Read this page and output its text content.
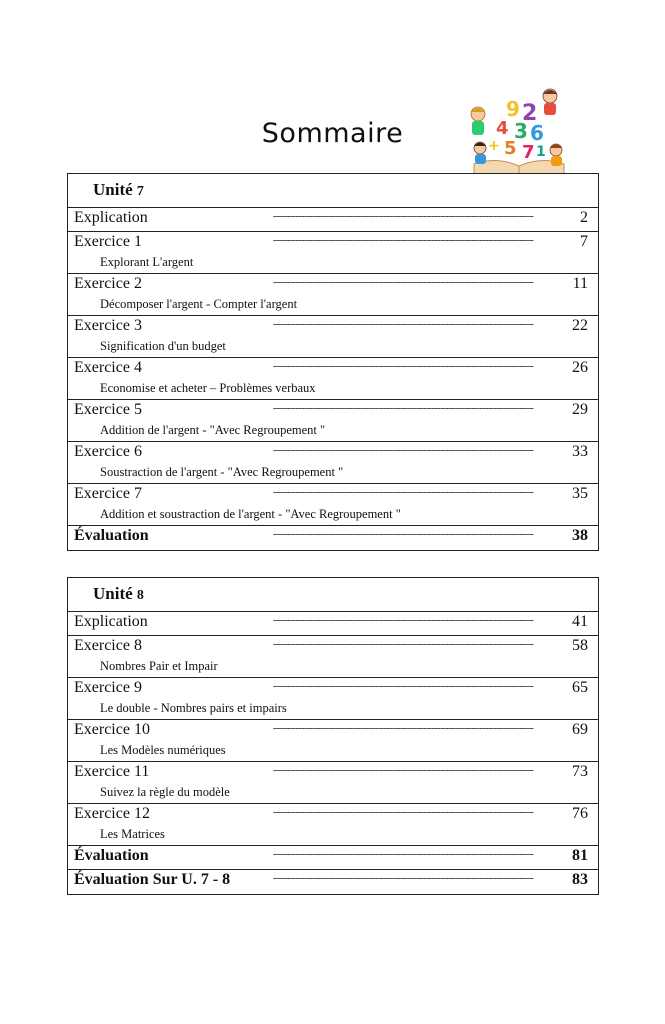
Sommaire
9 2
4 3 6
5 7 1
+
Unité 7
Explication	--------------------------------------------------------------------------------------------	2
Exercice 1	--------------------------------------------------------------------------------------------	7
Explorant L'argent
Exercice 2	--------------------------------------------------------------------------------------------	11
Décomposer l'argent - Compter l'argent
Exercice 3	--------------------------------------------------------------------------------------------	22
Signification d'un budget
Exercice 4	--------------------------------------------------------------------------------------------	26
Economise et acheter – Problèmes verbaux
Exercice 5	--------------------------------------------------------------------------------------------	29
Addition de l'argent - "Avec Regroupement "
Exercice 6	--------------------------------------------------------------------------------------------	33
Soustraction de l'argent - "Avec Regroupement "
Exercice 7	--------------------------------------------------------------------------------------------	35
Addition et soustraction de l'argent - "Avec Regroupement "
Évaluation	--------------------------------------------------------------------------------------------	38
Unité 8
Explication	--------------------------------------------------------------------------------------------	41
Exercice 8	--------------------------------------------------------------------------------------------	58
Nombres Pair et Impair
Exercice 9	--------------------------------------------------------------------------------------------	65
Le double - Nombres pairs et impairs
Exercice 10	--------------------------------------------------------------------------------------------	69
Les Modèles numériques
Exercice 11	--------------------------------------------------------------------------------------------	73
Suivez la règle du modèle
Exercice 12	--------------------------------------------------------------------------------------------	76
Les Matrices
Évaluation	--------------------------------------------------------------------------------------------	81
Évaluation Sur U. 7 - 8	--------------------------------------------------------------------------------------------	83
